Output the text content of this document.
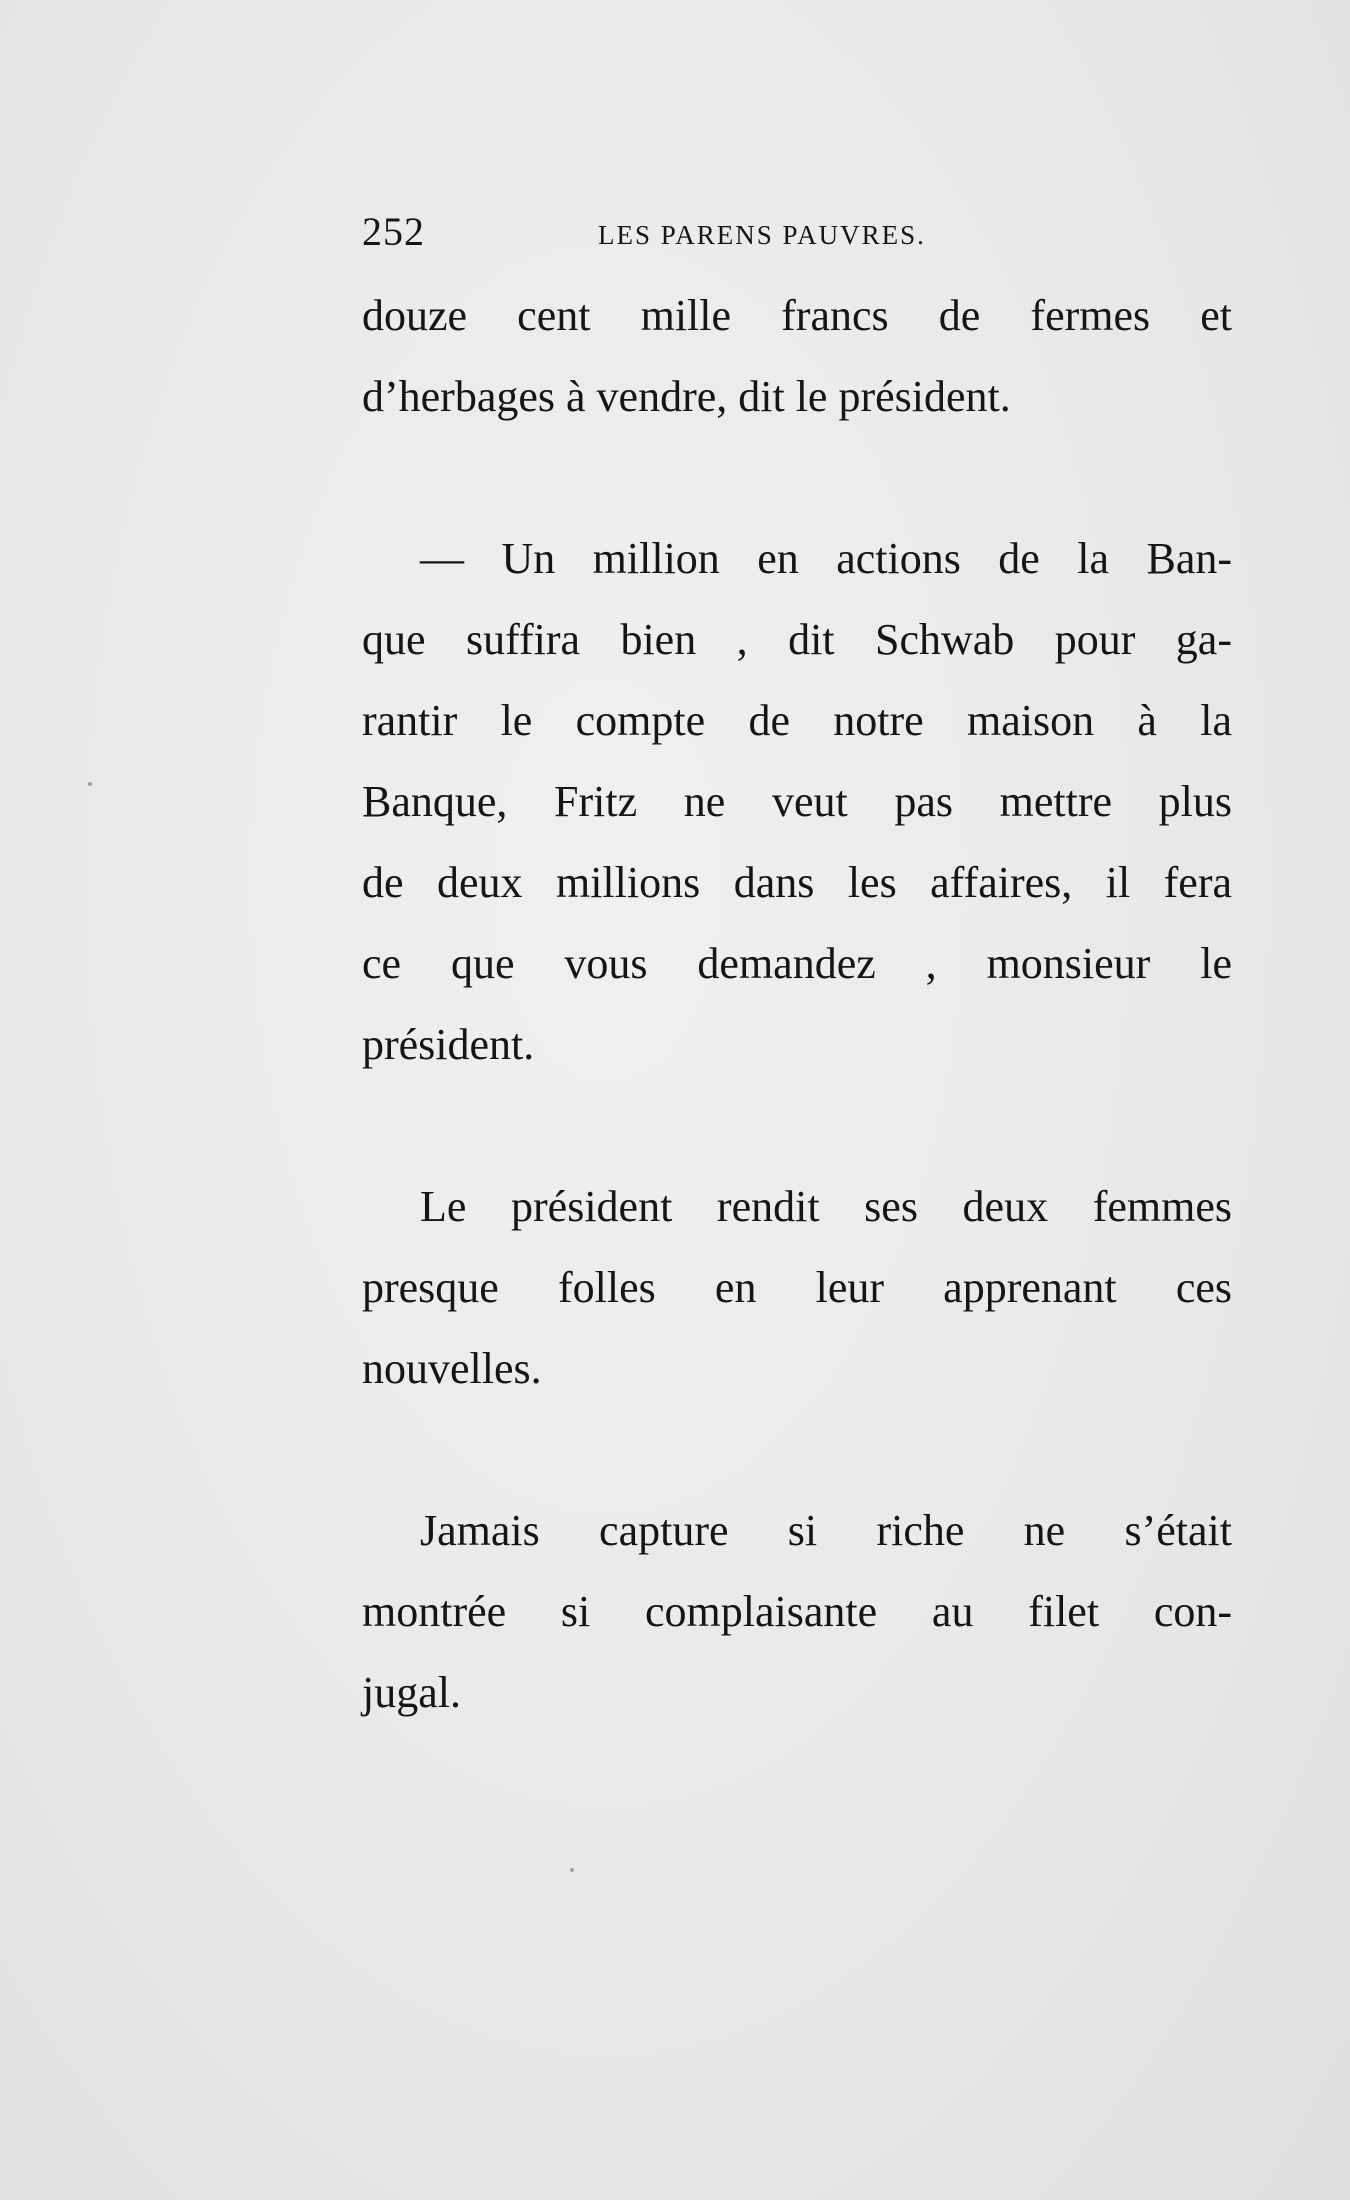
252	LES PARENS PAUVRES.
douze cent mille francs de fermes et
d’herbages à vendre, dit le président.
— Un million en actions de la Ban-
que suffira bien , dit Schwab pour ga-
rantir le compte de notre maison à la
Banque, Fritz ne veut pas mettre plus
de deux millions dans les affaires, il fera
ce que vous demandez , monsieur le
président.
Le président rendit ses deux femmes
presque folles en leur apprenant ces
nouvelles.
Jamais capture si riche ne s’était
montrée si complaisante au filet con-
jugal.
